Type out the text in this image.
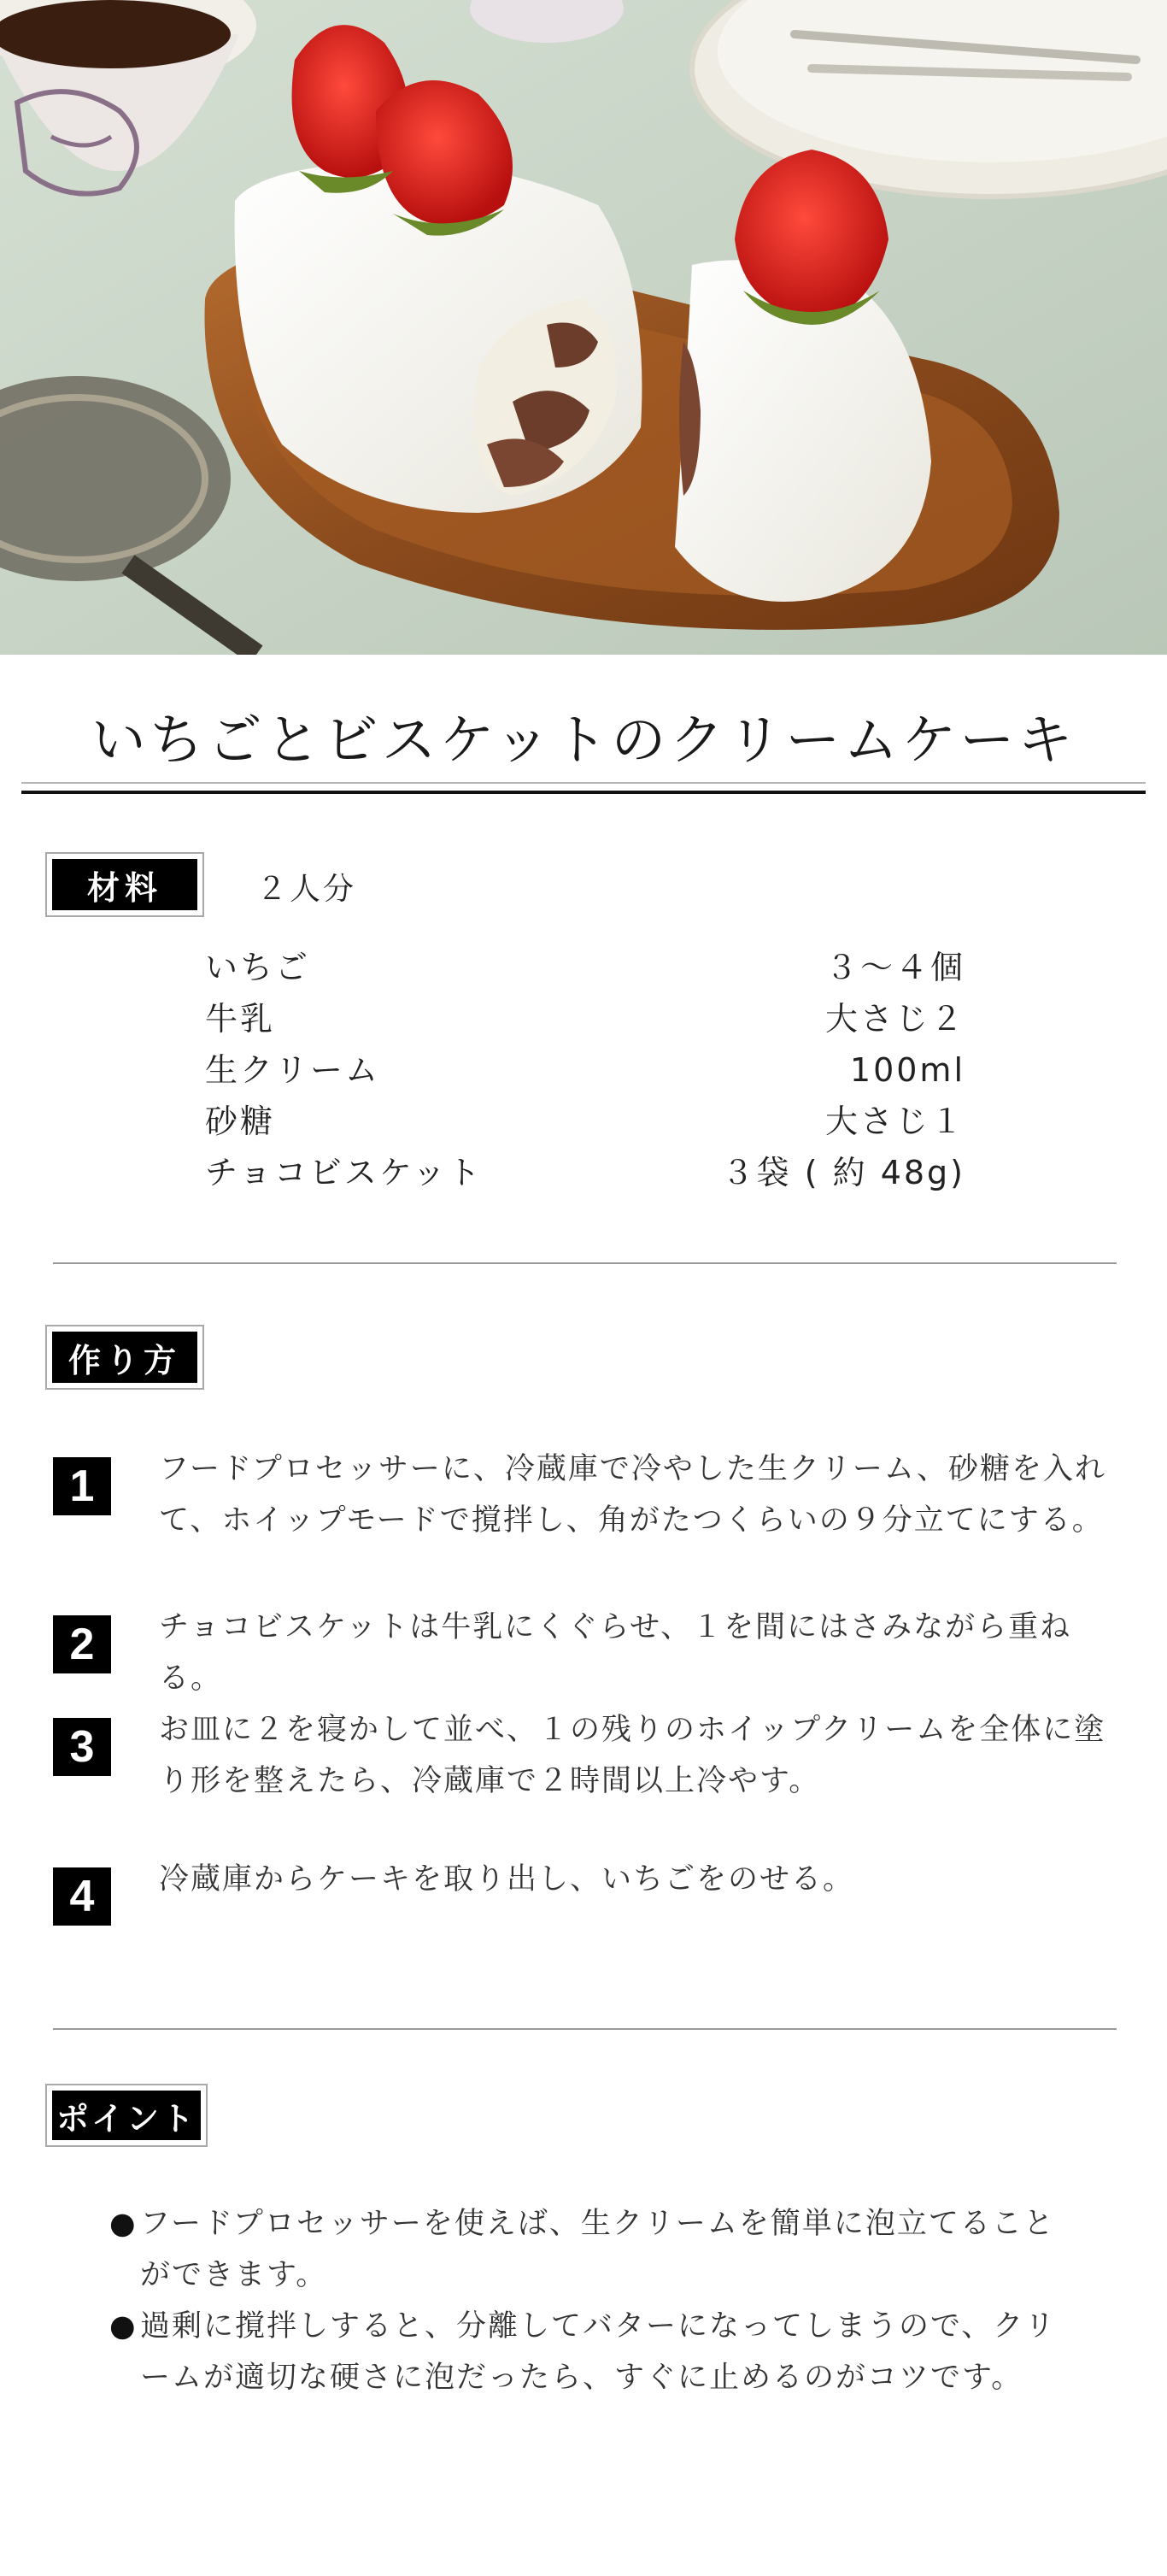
いちごとビスケットのクリームケーキ
材料	２人分
いちご	３～４個
牛乳	大さじ２
生クリーム	100ml
砂糖	大さじ１
チョコビスケット	３袋 ( 約 48g)
作り方
1	フードプロセッサーに、冷蔵庫で冷やした生クリーム、砂糖を入れて、ホイップモードで撹拌し、角がたつくらいの９分立てにする。

2	チョコビスケットは牛乳にくぐらせ、１を間にはさみながら重ねる。

3	お皿に２を寝かして並べ、１の残りのホイップクリームを全体に塗り形を整えたら、冷蔵庫で２時間以上冷やす。

4	冷蔵庫からケーキを取り出し、いちごをのせる。

ポイント
● フードプロセッサーを使えば、生クリームを簡単に泡立てることができます。
● 過剰に撹拌しすると、分離してバターになってしまうので、クリームが適切な硬さに泡だったら、すぐに止めるのがコツです。
